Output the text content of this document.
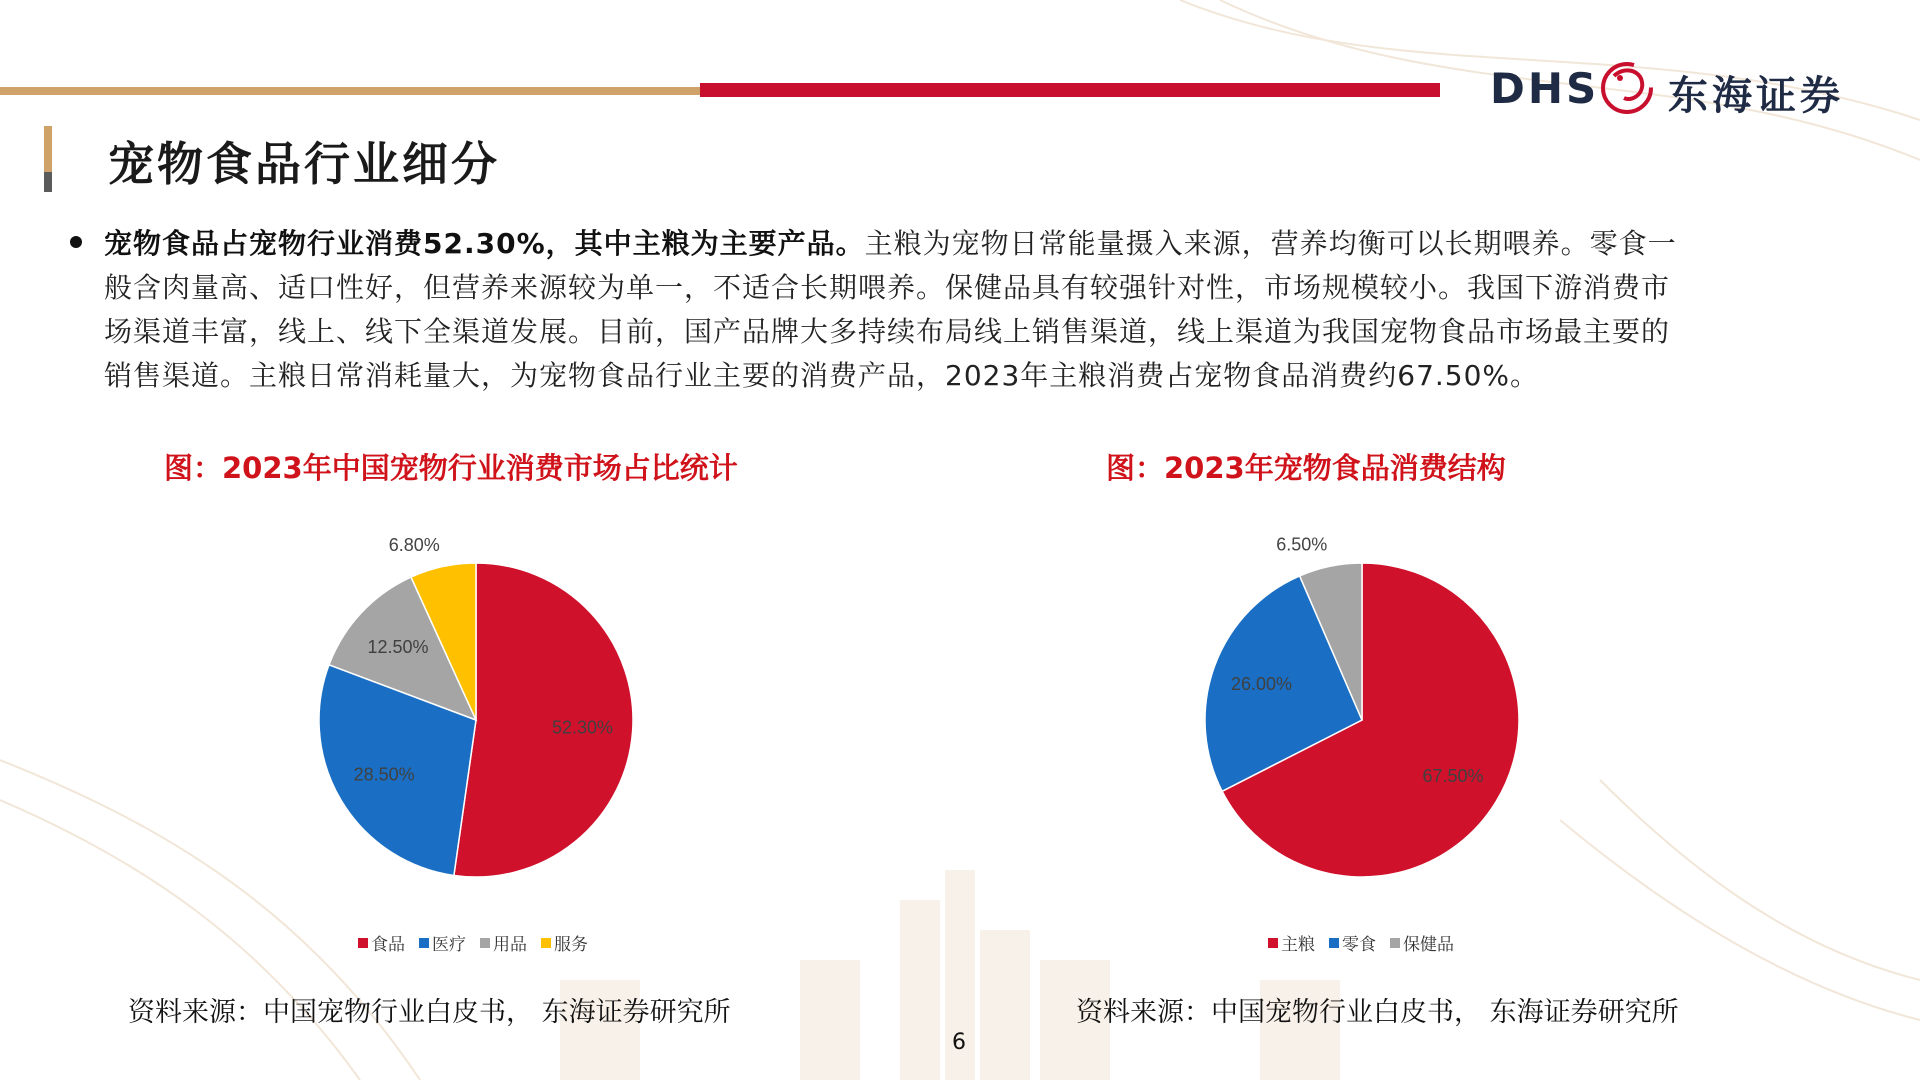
DHS 东海证券
宠物食品行业细分
宠物食品占宠物行业消费52.30%，其中主粮为主要产品。主粮为宠物日常能量摄入来源，营养均衡可以长期喂养。零食一
般含肉量高、适口性好，但营养来源较为单一，不适合长期喂养。保健品具有较强针对性，市场规模较小。我国下游消费市
场渠道丰富，线上、线下全渠道发展。目前，国产品牌大多持续布局线上销售渠道，线上渠道为我国宠物食品市场最主要的
销售渠道。主粮日常消耗量大，为宠物食品行业主要的消费产品，2023年主粮消费占宠物食品消费约67.50%。
图：2023年中国宠物行业消费市场占比统计
52.30%
28.50%
12.50%
6.80%
食品 医疗 用品 服务
资料来源：中国宠物行业白皮书， 东海证券研究所
图：2023年宠物食品消费结构
67.50%
26.00%
6.50%
主粮 零食 保健品
资料来源：中国宠物行业白皮书， 东海证券研究所
6
